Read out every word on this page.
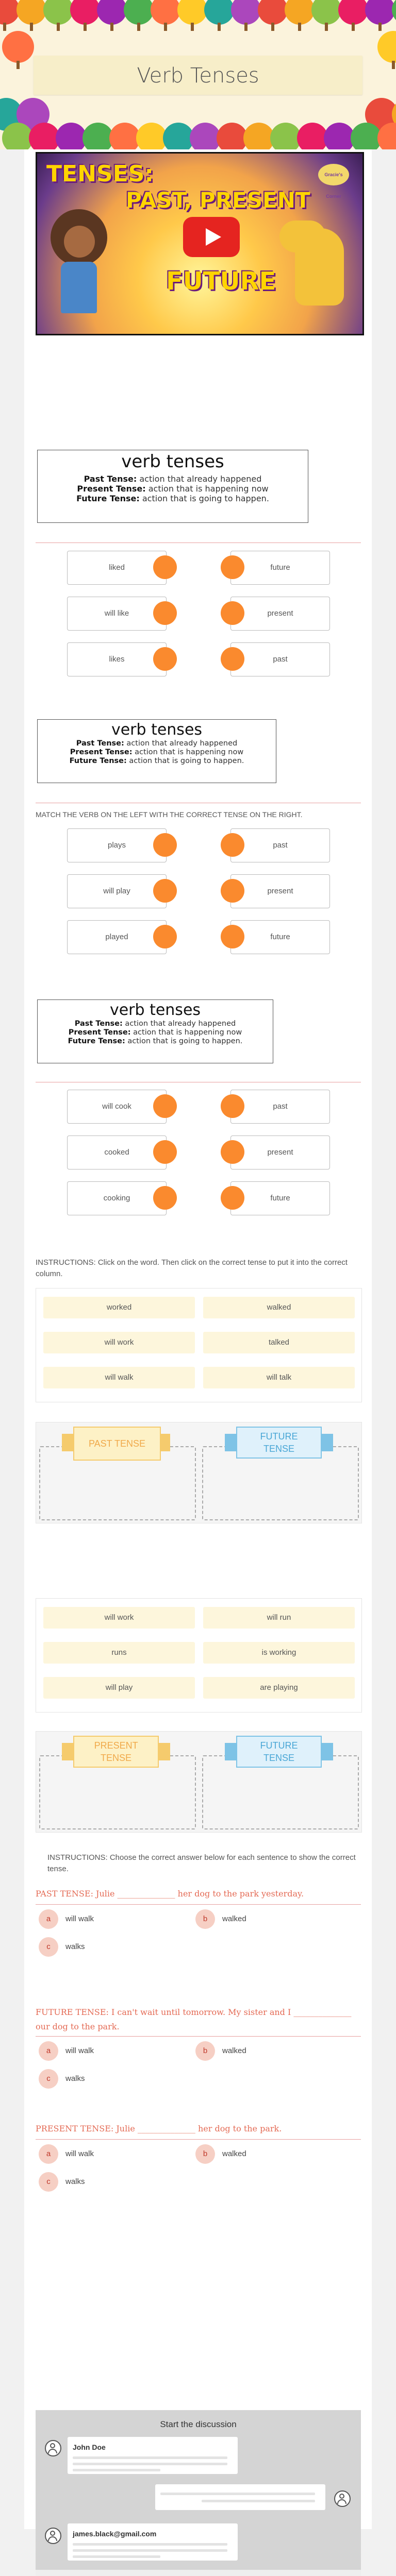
Verb Tenses
TENSES:
PAST, PRESENT
FUTURE
Gracie's Corner
verb tenses
Past Tense: action that already happened
Present Tense: action that is happening now
Future Tense: action that is going to happen.
liked	future
will like	present
likes	past
verb tenses
Past Tense: action that already happened
Present Tense: action that is happening now
Future Tense: action that is going to happen.
MATCH THE VERB ON THE LEFT WITH THE CORRECT TENSE ON THE RIGHT.
plays	past
will play	present
played	future
verb tenses
Past Tense: action that already happened
Present Tense: action that is happening now
Future Tense: action that is going to happen.
will cook	past
cooked	present
cooking	future
INSTRUCTIONS: Click on the word. Then click on the correct tense to put it into the correct column.
worked	walked
will work	talked
will walk	will talk
PAST TENSE
FUTURE TENSE
will work	will run
runs	is working
will play	are playing
PRESENT TENSE
FUTURE TENSE
INSTRUCTIONS: Choose the correct answer below for each sentence to show the correct tense.
PAST TENSE: Julie ______________ her dog to the park yesterday.
a	will walk	b	walked
c	walks
FUTURE TENSE: I can't wait until tomorrow. My sister and I ______________ our dog to the park.
a	will walk	b	walked
c	walks
PRESENT TENSE: Julie ______________ her dog to the park.
a	will walk	b	walked
c	walks
Start the discussion
John Doe
james.black@gmail.com
